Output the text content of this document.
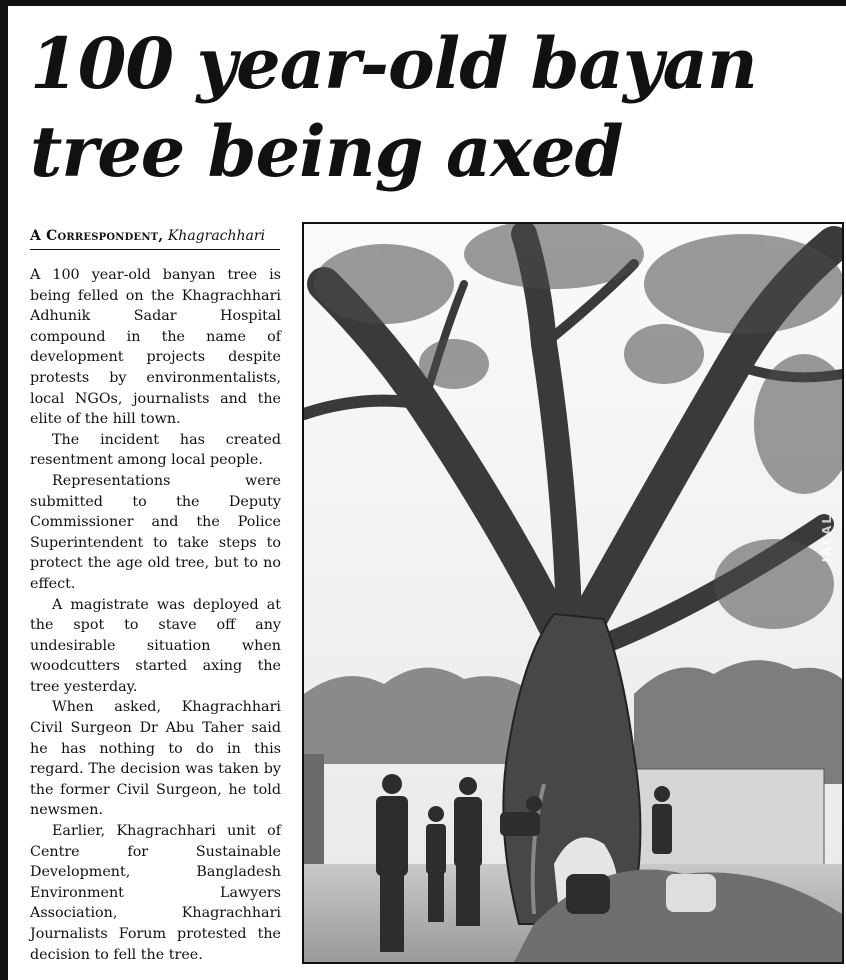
100 year-old bayan
tree being axed
A Correspondent, Khagrachhari

A 100 year-old banyan tree is being felled on the Khagrachhari Adhunik Sadar Hospital compound in the name of development projects despite protests by environmentalists, local NGOs, journalists and the elite of the hill town.

The incident has created resentment among local people.

Representations were submitted to the Deputy Commissioner and the Police Superintendent to take steps to protect the age old tree, but to no effect.

A magistrate was deployed at the spot to stave off any undesirable situation when woodcutters started axing the tree yesterday.

When asked, Khagrachhari Civil Surgeon Dr Abu Taher said he has nothing to do in this regard. The decision was taken by the former Civil Surgeon, he told newsmen.

Earlier, Khagrachhari unit of Centre for Sustainable Development, Bangladesh Environment Lawyers Association, Khagrachhari Journalists Forum protested the decision to fell the tree.

JALAL
